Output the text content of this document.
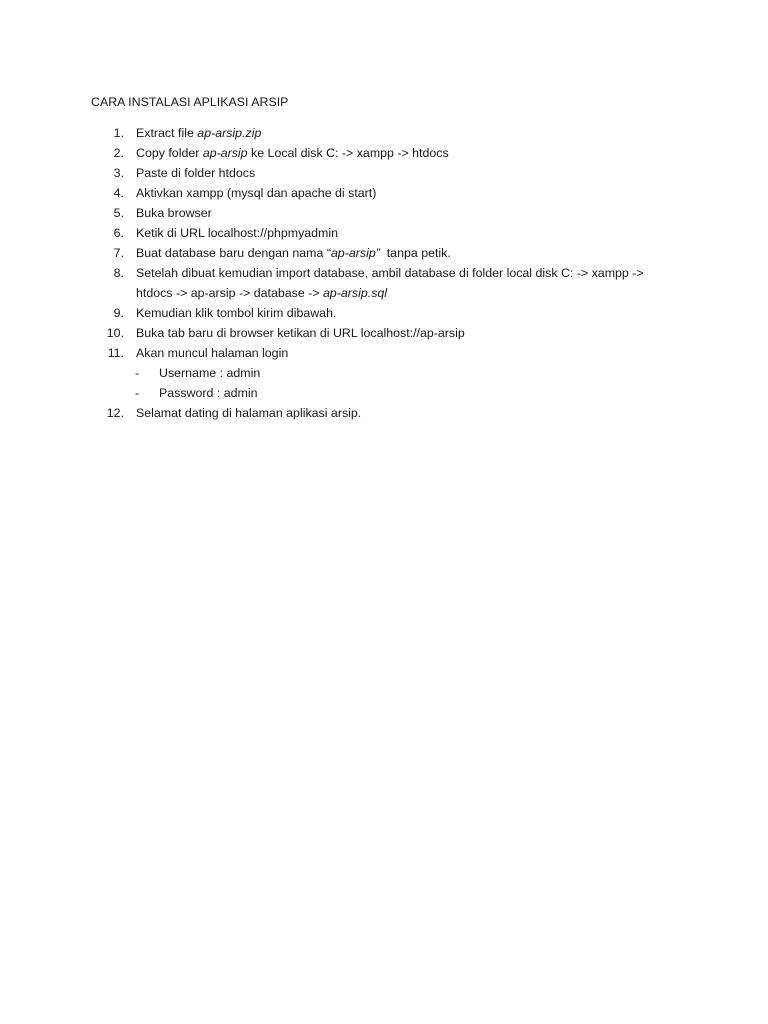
CARA INSTALASI APLIKASI ARSIP
1. Extract file ap-arsip.zip
2. Copy folder ap-arsip ke Local disk C: -> xampp -> htdocs
3. Paste di folder htdocs
4. Aktivkan xampp (mysql dan apache di start)
5. Buka browser
6. Ketik di URL localhost://phpmyadmin
7. Buat database baru dengan nama “ap-arsip”  tanpa petik.
8. Setelah dibuat kemudian import database, ambil database di folder local disk C: -> xampp ->
htdocs -> ap-arsip -> database -> ap-arsip.sql
9. Kemudian klik tombol kirim dibawah.
10. Buka tab baru di browser ketikan di URL localhost://ap-arsip
11. Akan muncul halaman login
- Username : admin
- Password : admin
12. Selamat dating di halaman aplikasi arsip.
